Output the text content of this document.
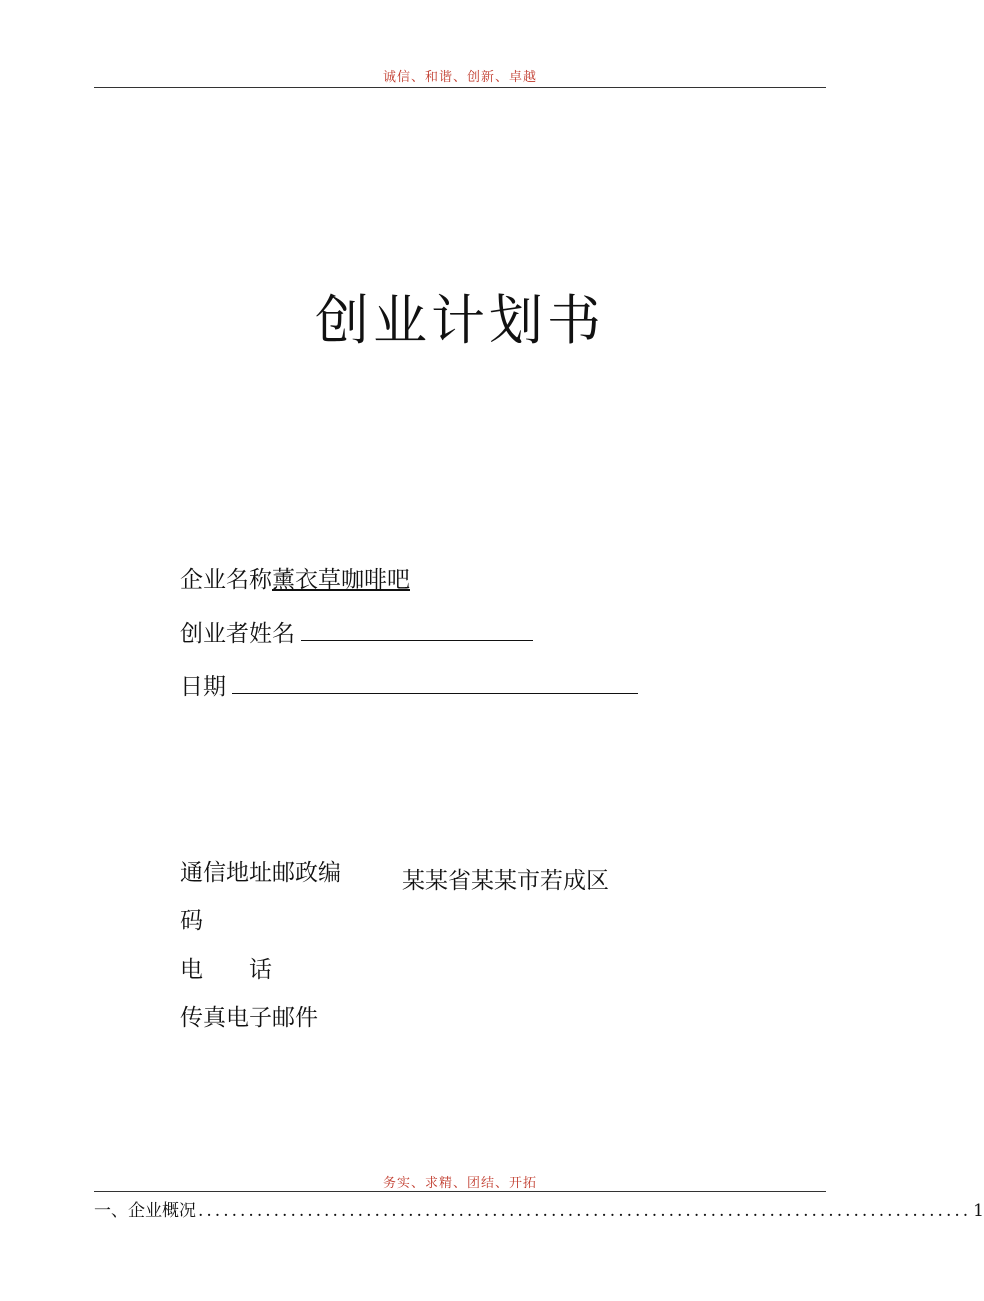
诚信、和谐、创新、卓越
创业计划书
企业名称薰衣草咖啡吧
创业者姓名
日期
通信地址邮政编	某某省某某市若成区
码
电　　话
传真电子邮件
务实、求精、团结、开拓
一、企业概况 ............................................................................................ 1
